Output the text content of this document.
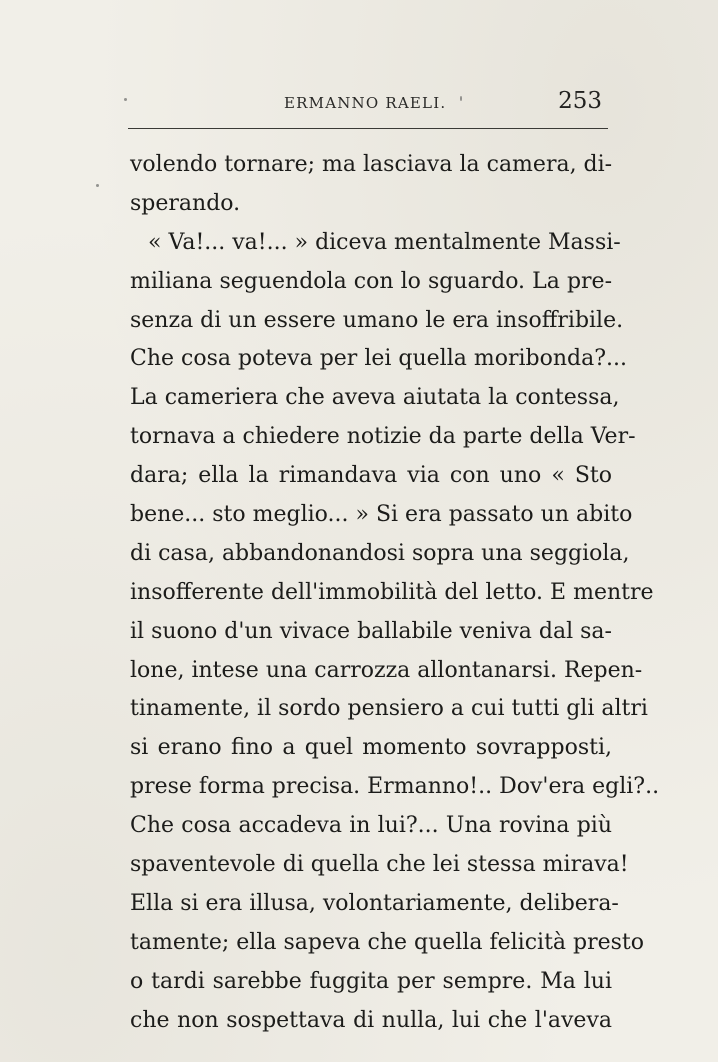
ERMANNO RAELI.	253
volendo tornare; ma lasciava la camera, di-
sperando.
« Va!... va!... » diceva mentalmente Massi-
miliana seguendola con lo sguardo. La pre-
senza di un essere umano le era insoffribile.
Che cosa poteva per lei quella moribonda?...
La cameriera che aveva aiutata la contessa,
tornava a chiedere notizie da parte della Ver-
dara; ella la rimandava via con uno « Sto
bene... sto meglio... » Si era passato un abito
di casa, abbandonandosi sopra una seggiola,
insofferente dell'immobilità del letto. E mentre
il suono d'un vivace ballabile veniva dal sa-
lone, intese una carrozza allontanarsi. Repen-
tinamente, il sordo pensiero a cui tutti gli altri
si erano fino a quel momento sovrapposti,
prese forma precisa. Ermanno!.. Dov'era egli?..
Che cosa accadeva in lui?... Una rovina più
spaventevole di quella che lei stessa mirava!
Ella si era illusa, volontariamente, delibera-
tamente; ella sapeva che quella felicità presto
o tardi sarebbe fuggita per sempre. Ma lui
che non sospettava di nulla, lui che l'aveva
